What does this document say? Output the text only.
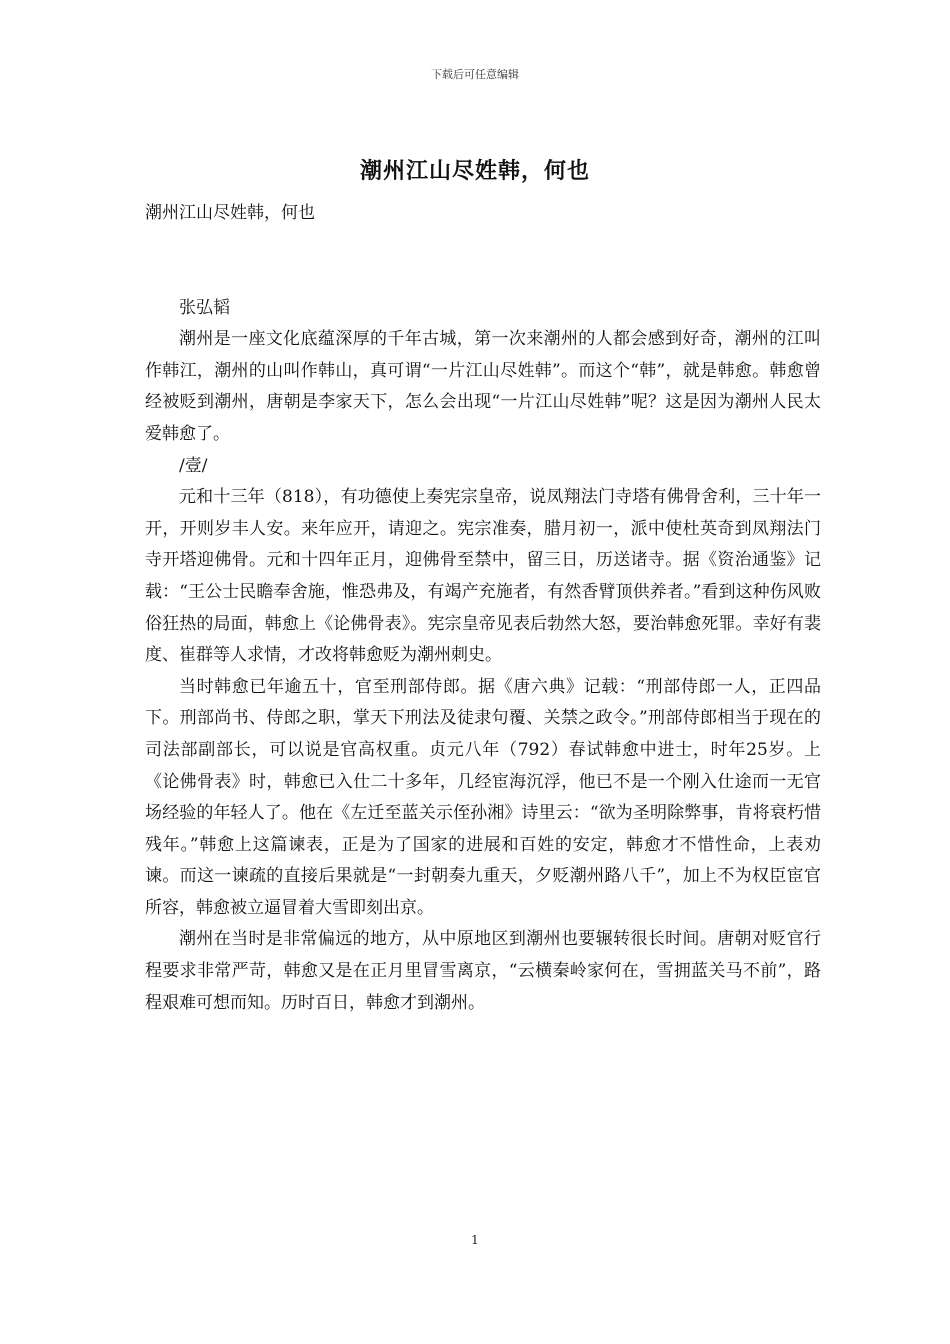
下载后可任意编辑
潮州江山尽姓韩，何也

潮州江山尽姓韩，何也

张弘韬

潮州是一座文化底蕴深厚的千年古城，第一次来潮州的人都会感到好奇，潮州的江叫作韩江，潮州的山叫作韩山，真可谓“一片江山尽姓韩”。而这个“韩”，就是韩愈。韩愈曾经被贬到潮州，唐朝是李家天下，怎么会出现“一片江山尽姓韩”呢？这是因为潮州人民太爱韩愈了。

/壹/

元和十三年（818），有功德使上奏宪宗皇帝，说凤翔法门寺塔有佛骨舍利，三十年一开，开则岁丰人安。来年应开，请迎之。宪宗准奏，腊月初一，派中使杜英奇到凤翔法门寺开塔迎佛骨。元和十四年正月，迎佛骨至禁中，留三日，历送诸寺。据《资治通鉴》记载：“王公士民瞻奉舍施，惟恐弗及，有竭产充施者，有然香臂顶供养者。”看到这种伤风败俗狂热的局面，韩愈上《论佛骨表》。宪宗皇帝见表后勃然大怒，要治韩愈死罪。幸好有裴度、崔群等人求情，才改将韩愈贬为潮州刺史。

当时韩愈已年逾五十，官至刑部侍郎。据《唐六典》记载：“刑部侍郎一人，正四品下。刑部尚书、侍郎之职，掌天下刑法及徒隶句覆、关禁之政令。”刑部侍郎相当于现在的司法部副部长，可以说是官高权重。贞元八年（792）春试韩愈中进士，时年25岁。上《论佛骨表》时，韩愈已入仕二十多年，几经宦海沉浮，他已不是一个刚入仕途而一无官场经验的年轻人了。他在《左迁至蓝关示侄孙湘》诗里云：“欲为圣明除弊事，肯将衰朽惜残年。”韩愈上这篇谏表，正是为了国家的进展和百姓的安定，韩愈才不惜性命，上表劝谏。而这一谏疏的直接后果就是“一封朝奏九重天，夕贬潮州路八千”，加上不为权臣宦官所容，韩愈被立逼冒着大雪即刻出京。

潮州在当时是非常偏远的地方，从中原地区到潮州也要辗转很长时间。唐朝对贬官行程要求非常严苛，韩愈又是在正月里冒雪离京，“云横秦岭家何在，雪拥蓝关马不前”，路程艰难可想而知。历时百日，韩愈才到潮州。

1
